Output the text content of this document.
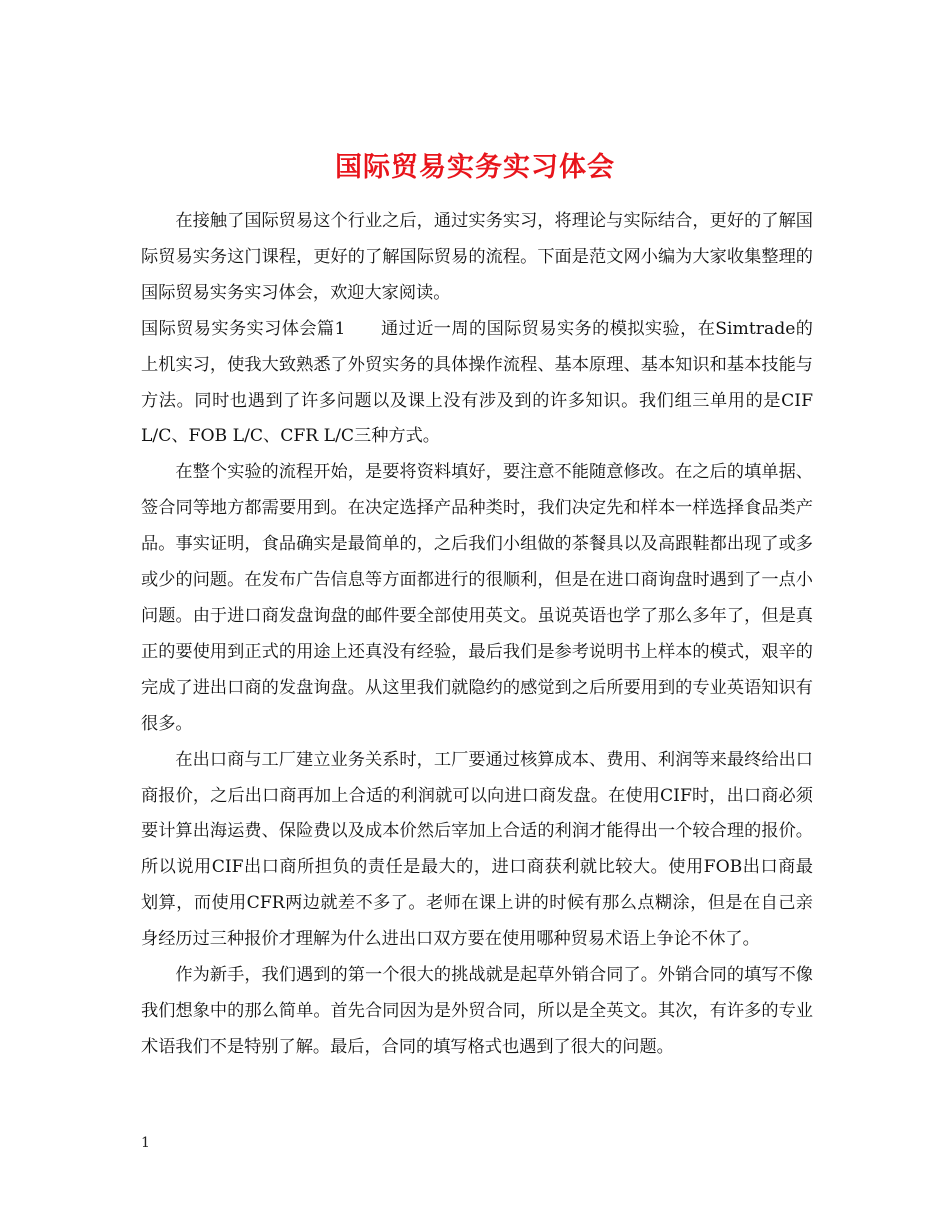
国际贸易实务实习体会

在接触了国际贸易这个行业之后，通过实务实习，将理论与实际结合，更好的了解国际贸易实务这门课程，更好的了解国际贸易的流程。下面是范文网小编为大家收集整理的国际贸易实务实习体会，欢迎大家阅读。

国际贸易实务实习体会篇1　　通过近一周的国际贸易实务的模拟实验，在Simtrade的上机实习，使我大致熟悉了外贸实务的具体操作流程、基本原理、基本知识和基本技能与方法。同时也遇到了许多问题以及课上没有涉及到的许多知识。我们组三单用的是CIF L/C、FOB L/C、CFR L/C三种方式。

在整个实验的流程开始，是要将资料填好，要注意不能随意修改。在之后的填单据、签合同等地方都需要用到。在决定选择产品种类时，我们决定先和样本一样选择食品类产品。事实证明，食品确实是最简单的，之后我们小组做的茶餐具以及高跟鞋都出现了或多或少的问题。在发布广告信息等方面都进行的很顺利，但是在进口商询盘时遇到了一点小问题。由于进口商发盘询盘的邮件要全部使用英文。虽说英语也学了那么多年了，但是真正的要使用到正式的用途上还真没有经验，最后我们是参考说明书上样本的模式，艰辛的完成了进出口商的发盘询盘。从这里我们就隐约的感觉到之后所要用到的专业英语知识有很多。

在出口商与工厂建立业务关系时，工厂要通过核算成本、费用、利润等来最终给出口商报价，之后出口商再加上合适的利润就可以向进口商发盘。在使用CIF时，出口商必须要计算出海运费、保险费以及成本价然后宰加上合适的利润才能得出一个较合理的报价。所以说用CIF出口商所担负的责任是最大的，进口商获利就比较大。使用FOB出口商最划算，而使用CFR两边就差不多了。老师在课上讲的时候有那么点糊涂，但是在自己亲身经历过三种报价才理解为什么进出口双方要在使用哪种贸易术语上争论不休了。

作为新手，我们遇到的第一个很大的挑战就是起草外销合同了。外销合同的填写不像我们想象中的那么简单。首先合同因为是外贸合同，所以是全英文。其次，有许多的专业术语我们不是特别了解。最后，合同的填写格式也遇到了很大的问题。

1
